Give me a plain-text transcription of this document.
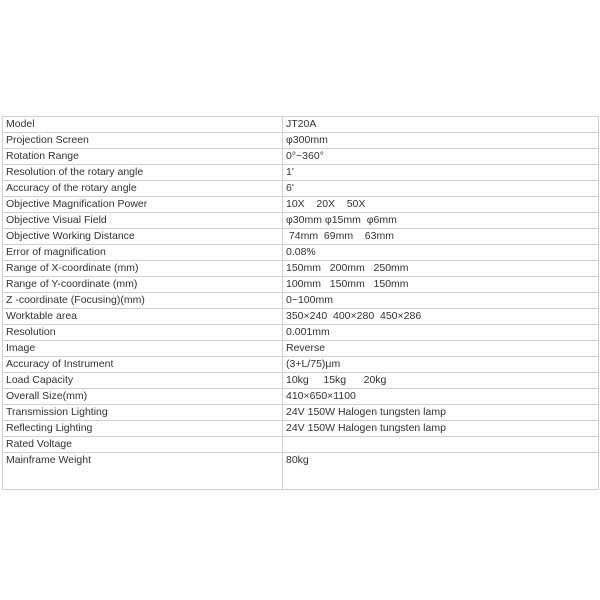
Model	JT20A
Projection Screen	φ300mm
Rotation Range	0°~360°
Resolution of the rotary angle	1'
Accuracy of the rotary angle	6'
Objective Magnification Power	10X    20X    50X
Objective Visual Field	φ30mm φ15mm  φ6mm
Objective Working Distance	74mm  69mm    63mm
Error of magnification	0.08%
Range of X-coordinate (mm)	150mm   200mm   250mm
Range of Y-coordinate (mm)	100mm   150mm   150mm
Z -coordinate (Focusing)(mm)	0~100mm
Worktable area	350×240  400×280  450×286
Resolution	0.001mm
Image	Reverse
Accuracy of Instrument	(3+L/75)μm
Load Capacity	10kg     15kg      20kg
Overall Size(mm)	410×650×1100
Transmission Lighting	24V 150W Halogen tungsten lamp
Reflecting Lighting	24V 150W Halogen tungsten lamp
Rated Voltage	
Mainframe Weight	80kg
